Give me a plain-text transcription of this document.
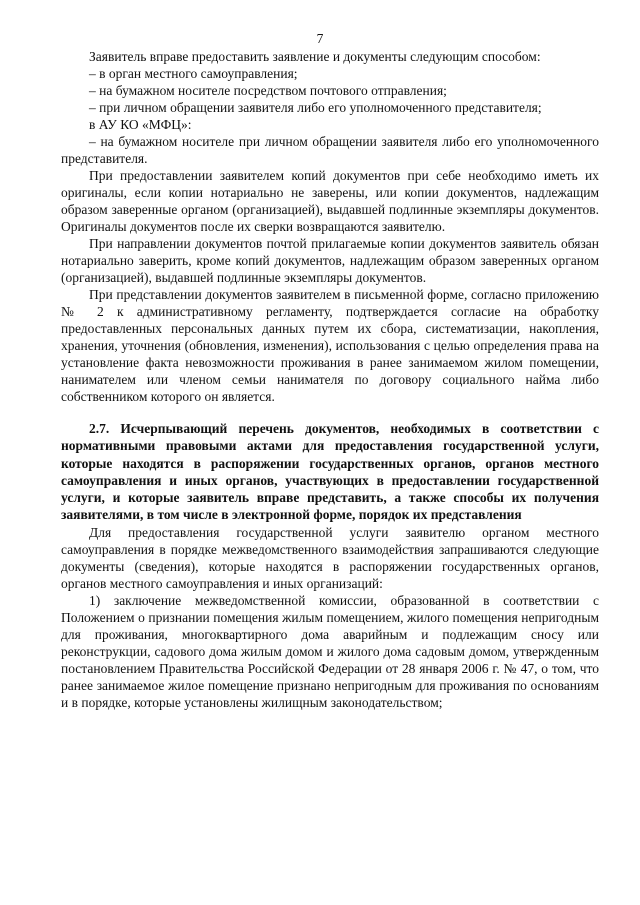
7

Заявитель вправе предоставить заявление и документы следующим способом:

– в орган местного самоуправления;

– на бумажном носителе посредством почтового отправления;

– при личном обращении заявителя либо его уполномоченного представителя;

в АУ КО «МФЦ»:

– на бумажном носителе при личном обращении заявителя либо его уполномоченного представителя.

При предоставлении заявителем копий документов при себе необходимо иметь их оригиналы, если копии нотариально не заверены, или копии документов, надлежащим образом заверенные органом (организацией), выдавшей подлинные экземпляры документов. Оригиналы документов после их сверки возвращаются заявителю.

При направлении документов почтой прилагаемые копии документов заявитель обязан нотариально заверить, кроме копий документов, надлежащим образом заверенных органом (организацией), выдавшей подлинные экземпляры документов.

При представлении документов заявителем в письменной форме, согласно приложению № 2 к административному регламенту, подтверждается согласие на обработку предоставленных персональных данных путем их сбора, систематизации, накопления, хранения, уточнения (обновления, изменения), использования с целью определения права на установление факта невозможности проживания в ранее занимаемом жилом помещении, нанимателем или членом семьи нанимателя по договору социального найма либо собственником которого он является.

2.7. Исчерпывающий перечень документов, необходимых в соответствии с нормативными правовыми актами для предоставления государственной услуги, которые находятся в распоряжении государственных органов, органов местного самоуправления и иных органов, участвующих в предоставлении государственной услуги, и которые заявитель вправе представить, а также способы их получения заявителями, в том числе в электронной форме, порядок их представления

Для предоставления государственной услуги заявителю органом местного самоуправления в порядке межведомственного взаимодействия запрашиваются следующие документы (сведения), которые находятся в распоряжении государственных органов, органов местного самоуправления и иных организаций:

1) заключение межведомственной комиссии, образованной в соответствии с Положением о признании помещения жилым помещением, жилого помещения непригодным для проживания, многоквартирного дома аварийным и подлежащим сносу или реконструкции, садового дома жилым домом и жилого дома садовым домом, утвержденным постановлением Правительства Российской Федерации от 28 января 2006 г. № 47, о том, что ранее занимаемое жилое помещение признано непригодным для проживания по основаниям и в порядке, которые установлены жилищным законодательством;
